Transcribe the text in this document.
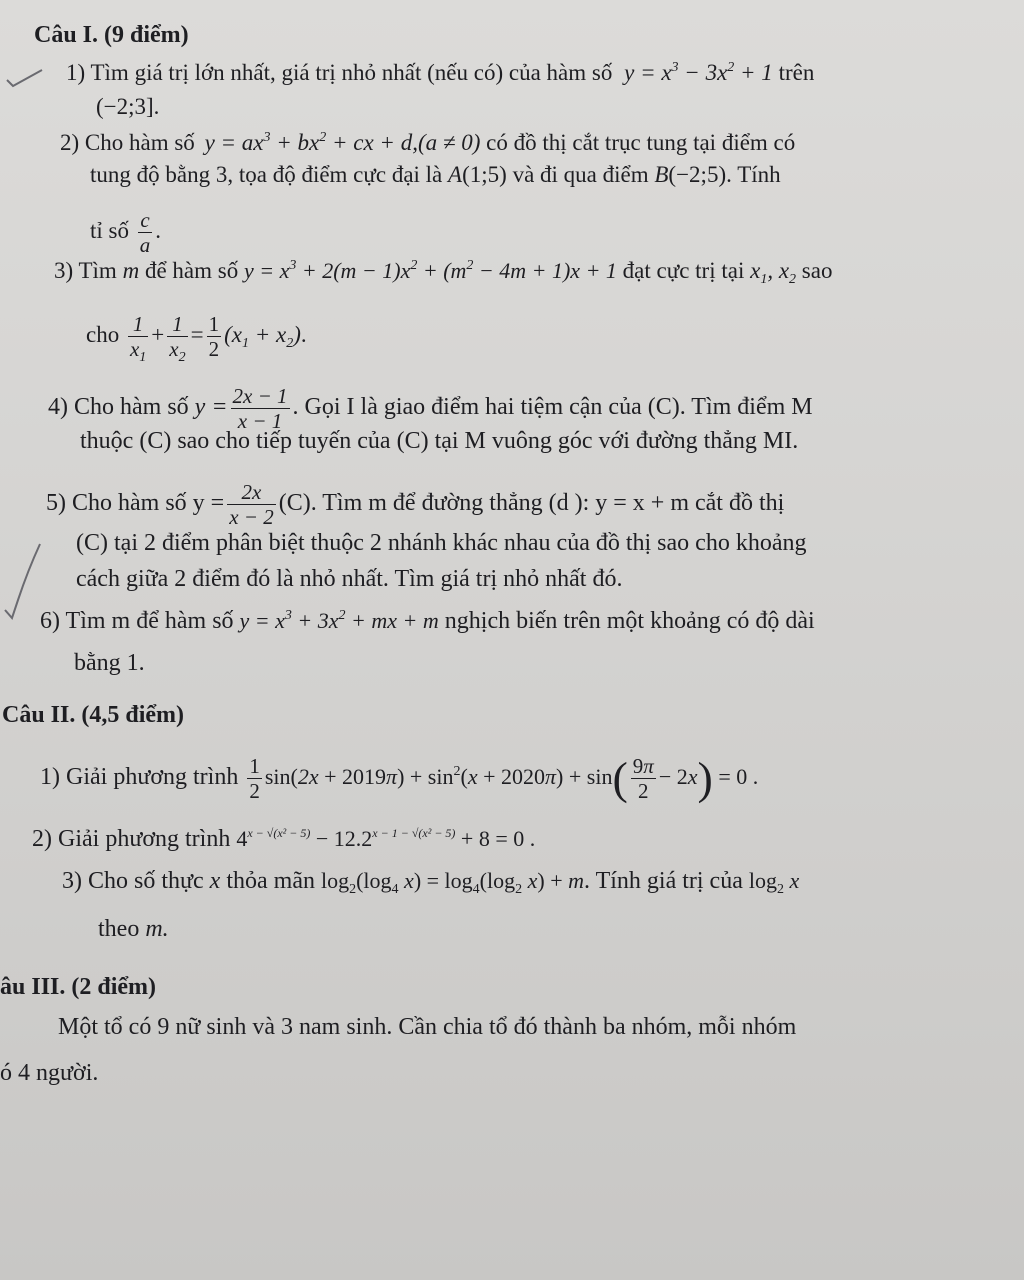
Câu I. (9 điểm)
1) Tìm giá trị lớn nhất, giá trị nhỏ nhất (nếu có) của hàm số $y = x^3 - 3x^2 + 1$ trên
(−2;3].
2) Cho hàm số $y = ax^3 + bx^2$ + cx + d,(a ≠ 0) có đồ thị cắt trục tung tại điểm có
tung độ bằng 3, tọa độ điểm cực đại là A(1;5) và đi qua điểm B(−2;5). Tính
tỉ số $\frac{c}{a}$ .
3) Tìm m để hàm số $y = x^3 + 2(m - 1)x^2 + (m^2 - 4m + 1)x + 1$ đạt cực trị tại $x_1$, $x_2$ sao
cho $\frac{1}{x_1} + \frac{1}{x_2} = \frac{1}{2} (x_1 + x_2)$.
4) Cho hàm số $y = \frac{2x - 1}{x - 1}$ . Gọi I là giao điểm hai tiệm cận của (C). Tìm điểm M
thuộc (C) sao cho tiếp tuyến của (C) tại M vuông góc với đường thẳng MI.
5) Cho hàm số $y = \frac{2x}{x - 2} (C)$. Tìm m để đường thẳng (d ): y = x + m cắt đồ thị
(C) tại 2 điểm phân biệt thuộc 2 nhánh khác nhau của đồ thị sao cho khoảng
cách giữa 2 điểm đó là nhỏ nhất. Tìm giá trị nhỏ nhất đó.
6) Tìm m để hàm số $y = x^3 + 3x^2$ + mx + m nghịch biến trên một khoảng có độ dài
bằng 1.
Câu II. (4,5 điểm)
1) Giải phương trình $\frac{1}{2} \sin(2x + 2019\pi) + \sin^2(x + 2020\pi) + \sin( \frac{9\pi}{2} - 2x) = 0$ .
2) Giải phương trình $4^{x - √(x^2 - 5)} - 12.2^{x - 1 - √(x^2 - 5)} + 8 = 0$ .
3) Cho số thực x thỏa mãn $\log_2(\log_4$ $x) = \log_4(\log_2$ x) + m. Tính giá trị của $\log_2 x$
theo m.
âu III. (2 điểm)
Một tổ có 9 nữ sinh và 3 nam sinh. Cần chia tổ đó thành ba nhóm, mỗi nhóm
ó 4 người.
